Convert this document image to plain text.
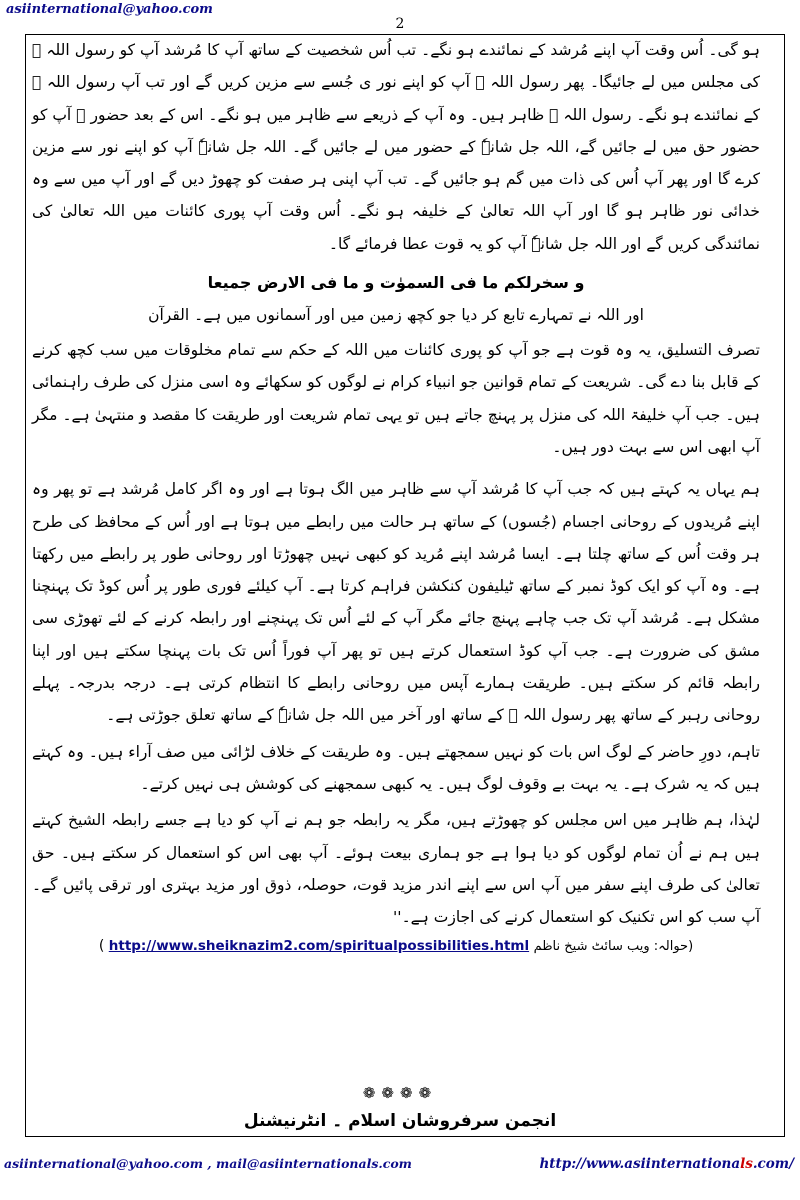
asiinternational@yahoo.com
2

ہو گی۔ اُس وقت آپ اپنے مُرشد کے نمائندے ہو نگے۔ تب اُس شخصیت کے ساتھ آپ کا مُرشد آپ کو رسول اللہ ﷺ کی مجلس میں لے جائیگا۔ پھر رسول اللہ ﷺ آپ کو اپنے نور ی جُسے سے مزین کریں گے اور تب آپ رسول اللہ ﷺ کے نمائندے ہو نگے۔ رسول اللہ ﷺ ظاہر ہیں۔ وہ آپ کے ذریعے سے ظاہر میں ہو نگے۔ اس کے بعد حضور ﷺ آپ کو حضور حق میں لے جائیں گے، اللہ جل شانہٗ کے حضور میں لے جائیں گے۔ اللہ جل شانہٗ آپ کو اپنے نور سے مزین کرے گا اور پھر آپ اُس کی ذات میں گم ہو جائیں گے۔ تب آپ اپنی ہر صفت کو چھوڑ دیں گے اور آپ میں سے وہ خدائی نور ظاہر ہو گا اور آپ اللہ تعالیٰ کے خلیفہ ہو نگے۔ اُس وقت آپ پوری کائنات میں اللہ تعالیٰ کی نمائندگی کریں گے اور اللہ جل شانہٗ آپ کو یہ قوت عطا فرمائے گا۔

و سخرلکم ما فی السموٰت و ما فی الارض جمیعا

اور اللہ نے تمہارے تابع کر دیا جو کچھ زمین میں اور آسمانوں میں ہے۔ القرآن

تصرف التسلیق، یہ وہ قوت ہے جو آپ کو پوری کائنات میں اللہ کے حکم سے تمام مخلوقات میں سب کچھ کرنے کے قابل بنا دے گی۔ شریعت کے تمام قوانین جو انبیاء کرام نے لوگوں کو سکھائے وہ اسی منزل کی طرف راہنمائی ہیں۔ جب آپ خلیفۃ اللہ کی منزل پر پہنچ جاتے ہیں تو یہی تمام شریعت اور طریقت کا مقصد و منتہیٰ ہے۔ مگر آپ ابھی اس سے بہت دور ہیں۔

ہم یہاں یہ کہتے ہیں کہ جب آپ کا مُرشد آپ سے ظاہر میں الگ ہوتا ہے اور وہ اگر کامل مُرشد ہے تو پھر وہ اپنے مُریدوں کے روحانی اجسام (جُسوں) کے ساتھ ہر حالت میں رابطے میں ہوتا ہے اور اُس کے محافظ کی طرح ہر وقت اُس کے ساتھ چلتا ہے۔ ایسا مُرشد اپنے مُرید کو کبھی نہیں چھوڑتا اور روحانی طور پر رابطے میں رکھتا ہے۔ وہ آپ کو ایک کوڈ نمبر کے ساتھ ٹیلیفون کنکشن فراہم کرتا ہے۔ آپ کیلئے فوری طور پر اُس کوڈ تک پہنچنا مشکل ہے۔ مُرشد آپ تک جب چاہے پہنچ جائے مگر آپ کے لئے اُس تک پہنچنے اور رابطہ کرنے کے لئے تھوڑی سی مشق کی ضرورت ہے۔ جب آپ کوڈ استعمال کرتے ہیں تو پھر آپ فوراً اُس تک بات پہنچا سکتے ہیں اور اپنا رابطہ قائم کر سکتے ہیں۔ طریقت ہمارے آپس میں روحانی رابطے کا انتظام کرتی ہے۔ درجہ بدرجہ۔ پہلے روحانی رہبر کے ساتھ پھر رسول اللہ ﷺ کے ساتھ اور آخر میں اللہ جل شانہٗ کے ساتھ تعلق جوڑتی ہے۔

تاہم، دورِ حاضر کے لوگ اس بات کو نہیں سمجھتے ہیں۔ وہ طریقت کے خلاف لڑائی میں صف آراء ہیں۔ وہ کہتے ہیں کہ یہ شرک ہے۔ یہ بہت بے وقوف لوگ ہیں۔ یہ کبھی سمجھنے کی کوشش ہی نہیں کرتے۔

لہٰذا، ہم ظاہر میں اس مجلس کو چھوڑتے ہیں، مگر یہ رابطہ جو ہم نے آپ کو دیا ہے جسے رابطہ الشیخ کہتے ہیں ہم نے اُن تمام لوگوں کو دیا ہوا ہے جو ہماری بیعت ہوئے۔ آپ بھی اس کو استعمال کر سکتے ہیں۔ حق تعالیٰ کی طرف اپنے سفر میں آپ اس سے اپنے اندر مزید قوت، حوصلہ، ذوق اور مزید بہتری اور ترقی پائیں گے۔ آپ سب کو اس تکنیک کو استعمال کرنے کی اجازت ہے۔''

( http://www.sheiknazim2.com/spiritualpossibilities.html (حوالہ: ویب سائٹ شیخ ناظم

❁❁❁❁
انجمن سرفروشان اسلام ۔ انٹرنیشنل
asiinternational@yahoo.com , mail@asiinternationals.com	http://www.asiinternationals.com/
